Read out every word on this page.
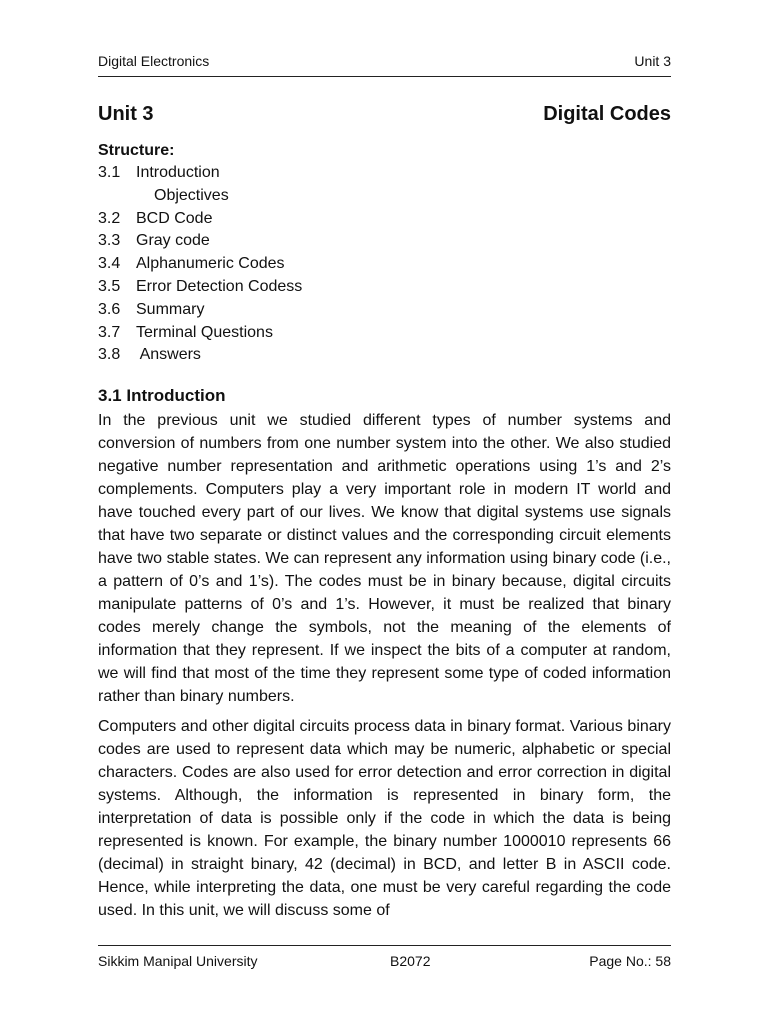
Digital Electronics	Unit 3
Unit 3	Digital Codes
Structure:
3.1 Introduction
Objectives
3.2 BCD Code
3.3 Gray code
3.4 Alphanumeric Codes
3.5 Error Detection Codess
3.6 Summary
3.7 Terminal Questions
3.8 Answers
3.1 Introduction

In the previous unit we studied different types of number systems and conversion of numbers from one number system into the other. We also studied negative number representation and arithmetic operations using 1’s and 2’s complements. Computers play a very important role in modern IT world and have touched every part of our lives. We know that digital systems use signals that have two separate or distinct values and the corresponding circuit elements have two stable states. We can represent any information using binary code (i.e., a pattern of 0’s and 1’s). The codes must be in binary because, digital circuits manipulate patterns of 0’s and 1’s. However, it must be realized that binary codes merely change the symbols, not the meaning of the elements of information that they represent. If we inspect the bits of a computer at random, we will find that most of the time they represent some type of coded information rather than binary numbers.

Computers and other digital circuits process data in binary format. Various binary codes are used to represent data which may be numeric, alphabetic or special characters. Codes are also used for error detection and error correction in digital systems. Although, the information is represented in binary form, the interpretation of data is possible only if the code in which the data is being represented is known. For example, the binary number 1000010 represents 66 (decimal) in straight binary, 42 (decimal) in BCD, and letter B in ASCII code. Hence, while interpreting the data, one must be very careful regarding the code used. In this unit, we will discuss some of

Sikkim Manipal University	B2072	Page No.: 58
